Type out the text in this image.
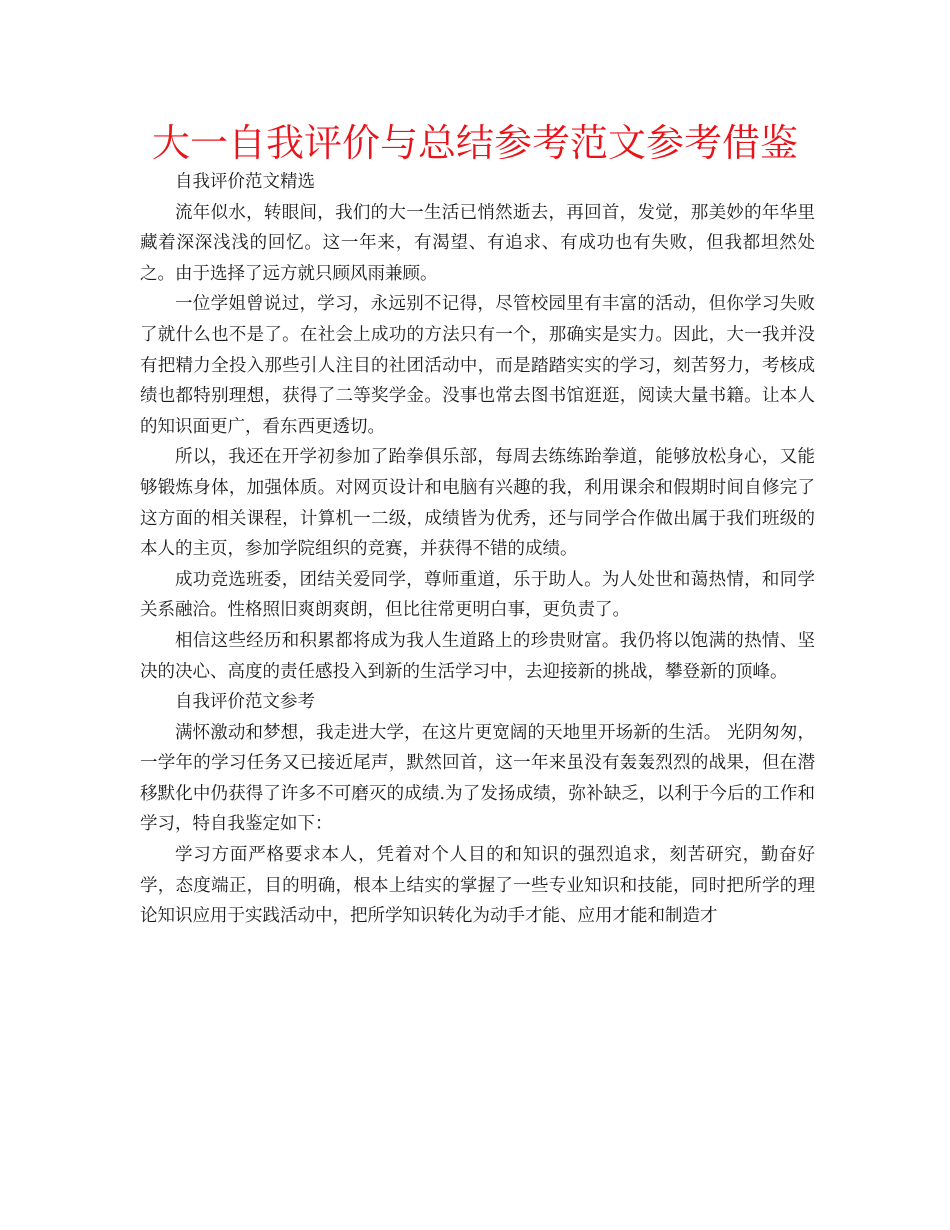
大一自我评价与总结参考范文参考借鉴

自我评价范文精选

流年似水，转眼间，我们的大一生活已悄然逝去，再回首，发觉，那美妙的年华里藏着深深浅浅的回忆。这一年来，有渴望、有追求、有成功也有失败，但我都坦然处之。由于选择了远方就只顾风雨兼顾。

一位学姐曾说过，学习，永远别不记得，尽管校园里有丰富的活动，但你学习失败了就什么也不是了。在社会上成功的方法只有一个，那确实是实力。因此，大一我并没有把精力全投入那些引人注目的社团活动中，而是踏踏实实的学习，刻苦努力，考核成绩也都特别理想，获得了二等奖学金。没事也常去图书馆逛逛，阅读大量书籍。让本人的知识面更广，看东西更透切。

所以，我还在开学初参加了跆拳俱乐部，每周去练练跆拳道，能够放松身心，又能够锻炼身体，加强体质。对网页设计和电脑有兴趣的我，利用课余和假期时间自修完了这方面的相关课程，计算机一二级，成绩皆为优秀，还与同学合作做出属于我们班级的本人的主页，参加学院组织的竞赛，并获得不错的成绩。

成功竞选班委，团结关爱同学，尊师重道，乐于助人。为人处世和蔼热情，和同学关系融洽。性格照旧爽朗爽朗，但比往常更明白事，更负责了。

相信这些经历和积累都将成为我人生道路上的珍贵财富。我仍将以饱满的热情、坚决的决心、高度的责任感投入到新的生活学习中，去迎接新的挑战，攀登新的顶峰。

自我评价范文参考

满怀激动和梦想，我走进大学，在这片更宽阔的天地里开场新的生活。 光阴匆匆，一学年的学习任务又已接近尾声，默然回首，这一年来虽没有轰轰烈烈的战果，但在潜移默化中仍获得了许多不可磨灭的成绩.为了发扬成绩，弥补缺乏，以利于今后的工作和学习，特自我鉴定如下：

学习方面严格要求本人，凭着对个人目的和知识的强烈追求，刻苦研究，勤奋好学，态度端正，目的明确，根本上结实的掌握了一些专业知识和技能，同时把所学的理论知识应用于实践活动中，把所学知识转化为动手才能、应用才能和制造才
